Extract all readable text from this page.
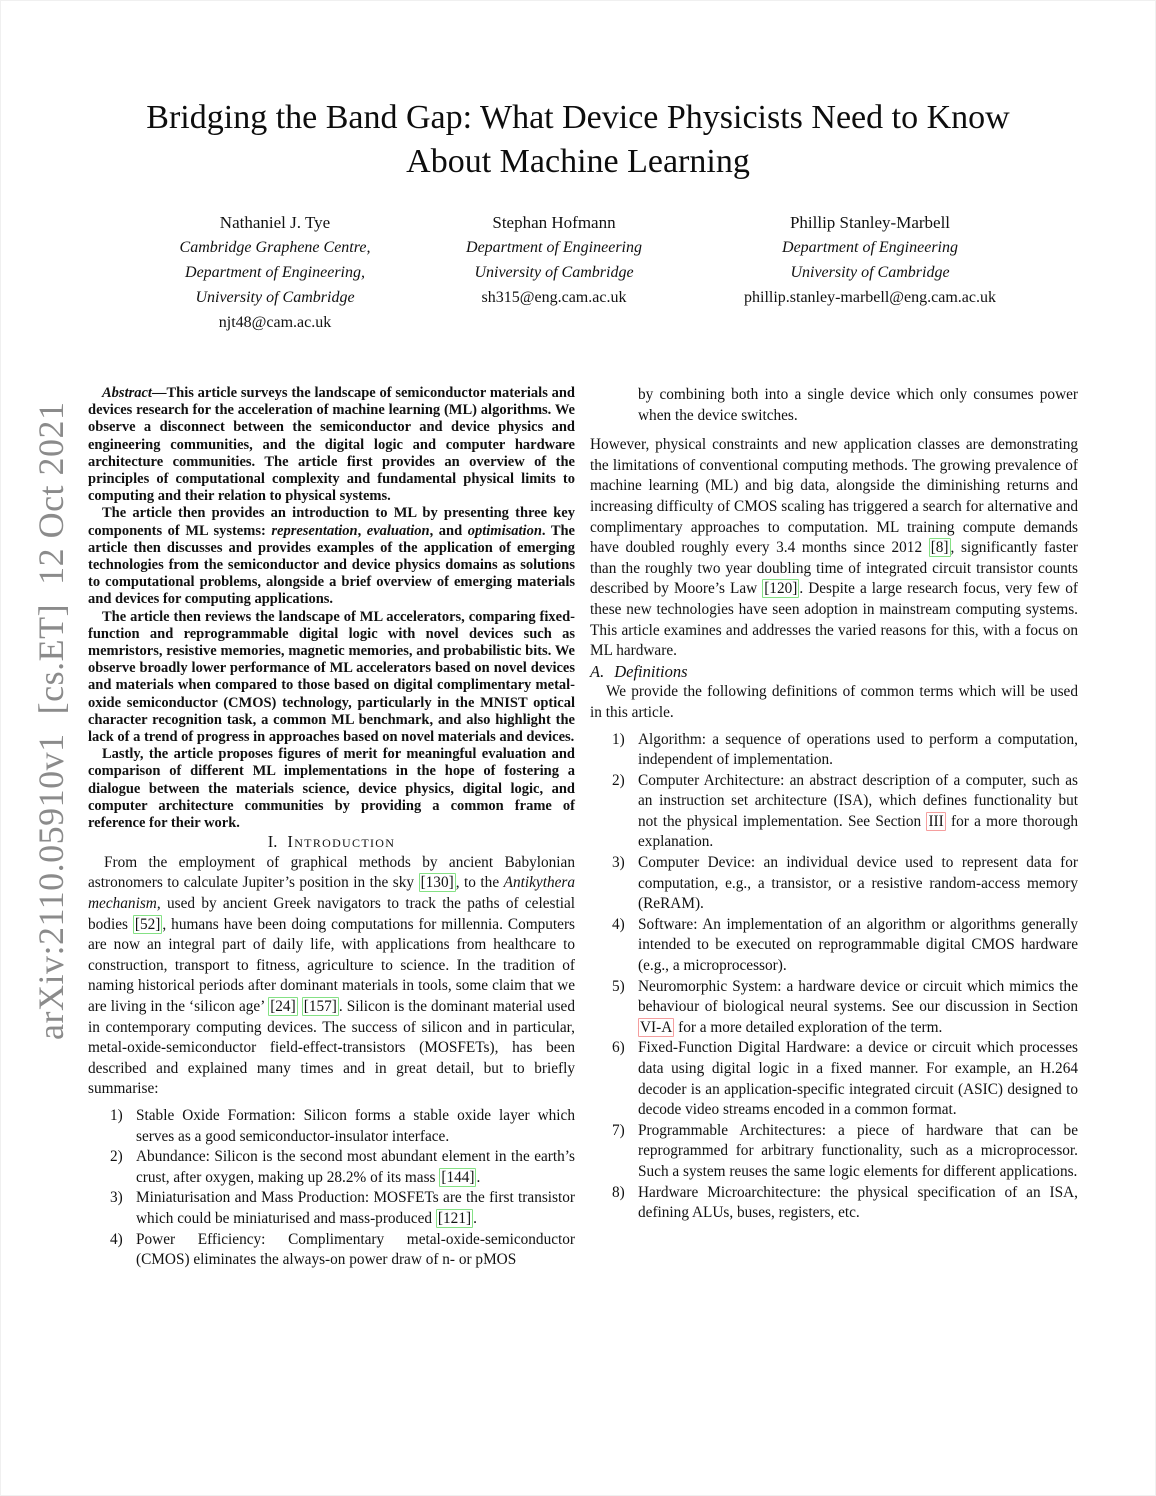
arXiv:2110.05910v1  [cs.ET]  12 Oct 2021
Bridging the Band Gap: What Device Physicists Need to Know About Machine Learning
Nathaniel J. Tye
Cambridge Graphene Centre,
Department of Engineering,
University of Cambridge
njt48@cam.ac.uk
Stephan Hofmann
Department of Engineering
University of Cambridge
sh315@eng.cam.ac.uk
Phillip Stanley-Marbell
Department of Engineering
University of Cambridge
phillip.stanley-marbell@eng.cam.ac.uk

Abstract—This article surveys the landscape of semiconductor materials and devices research for the acceleration of machine learning (ML) algorithms. We observe a disconnect between the semiconductor and device physics and engineering communities, and the digital logic and computer hardware architecture communities. The article first provides an overview of the principles of computational complexity and fundamental physical limits to computing and their relation to physical systems.

The article then provides an introduction to ML by presenting three key components of ML systems: representation, evaluation, and optimisation. The article then discusses and provides examples of the application of emerging technologies from the semiconductor and device physics domains as solutions to computational problems, alongside a brief overview of emerging materials and devices for computing applications.

The article then reviews the landscape of ML accelerators, comparing fixed-function and reprogrammable digital logic with novel devices such as memristors, resistive memories, magnetic memories, and probabilistic bits. We observe broadly lower performance of ML accelerators based on novel devices and materials when compared to those based on digital complimentary metal-oxide semiconductor (CMOS) technology, particularly in the MNIST optical character recognition task, a common ML benchmark, and also highlight the lack of a trend of progress in approaches based on novel materials and devices.

Lastly, the article proposes figures of merit for meaningful evaluation and comparison of different ML implementations in the hope of fostering a dialogue between the materials science, device physics, digital logic, and computer architecture communities by providing a common frame of reference for their work.

I. Introduction

From the employment of graphical methods by ancient Babylonian astronomers to calculate Jupiter’s position in the sky [130] , to the Antikythera mechanism, used by ancient Greek navigators to track the paths of celestial bodies [52] , humans have been doing computations for millennia. Computers are now an integral part of daily life, with applications from healthcare to construction, transport to fitness, agriculture to science. In the tradition of naming historical periods after dominant materials in tools, some claim that we are living in the ‘silicon age’ [24] [157] . Silicon is the dominant material used in contemporary computing devices. The success of silicon and in particular, metal-oxide-semiconductor field-effect-transistors (MOSFETs), has been described and explained many times and in great detail, but to briefly summarise:

1) Stable Oxide Formation: Silicon forms a stable oxide layer which serves as a good semiconductor-insulator interface.
2) Abundance: Silicon is the second most abundant element in the earth’s crust, after oxygen, making up 28.2% of its mass [144] .
3) Miniaturisation and Mass Production: MOSFETs are the first transistor which could be miniaturised and mass-produced [121] .
4) Power Efficiency: Complimentary metal-oxide-semiconductor (CMOS) eliminates the always-on power draw of n- or pMOS

by combining both into a single device which only consumes power when the device switches.

However, physical constraints and new application classes are demonstrating the limitations of conventional computing methods. The growing prevalence of machine learning (ML) and big data, alongside the diminishing returns and increasing difficulty of CMOS scaling has triggered a search for alternative and complimentary approaches to computation. ML training compute demands have doubled roughly every 3.4 months since 2012 [8] , significantly faster than the roughly two year doubling time of integrated circuit transistor counts described by Moore’s Law [120] . Despite a large research focus, very few of these new technologies have seen adoption in mainstream computing systems. This article examines and addresses the varied reasons for this, with a focus on ML hardware.

A. Definitions

We provide the following definitions of common terms which will be used in this article.

1) Algorithm: a sequence of operations used to perform a computation, independent of implementation.
2) Computer Architecture: an abstract description of a computer, such as an instruction set architecture (ISA), which defines functionality but not the physical implementation. See Section III for a more thorough explanation.
3) Computer Device: an individual device used to represent data for computation, e.g., a transistor, or a resistive random-access memory (ReRAM).
4) Software: An implementation of an algorithm or algorithms generally intended to be executed on reprogrammable digital CMOS hardware (e.g., a microprocessor).
5) Neuromorphic System: a hardware device or circuit which mimics the behaviour of biological neural systems. See our discussion in Section VI-A for a more detailed exploration of the term.
6) Fixed-Function Digital Hardware: a device or circuit which processes data using digital logic in a fixed manner. For example, an H.264 decoder is an application-specific integrated circuit (ASIC) designed to decode video streams encoded in a common format.
7) Programmable Architectures: a piece of hardware that can be reprogrammed for arbitrary functionality, such as a microprocessor. Such a system reuses the same logic elements for different applications.
8) Hardware Microarchitecture: the physical specification of an ISA, defining ALUs, buses, registers, etc.
